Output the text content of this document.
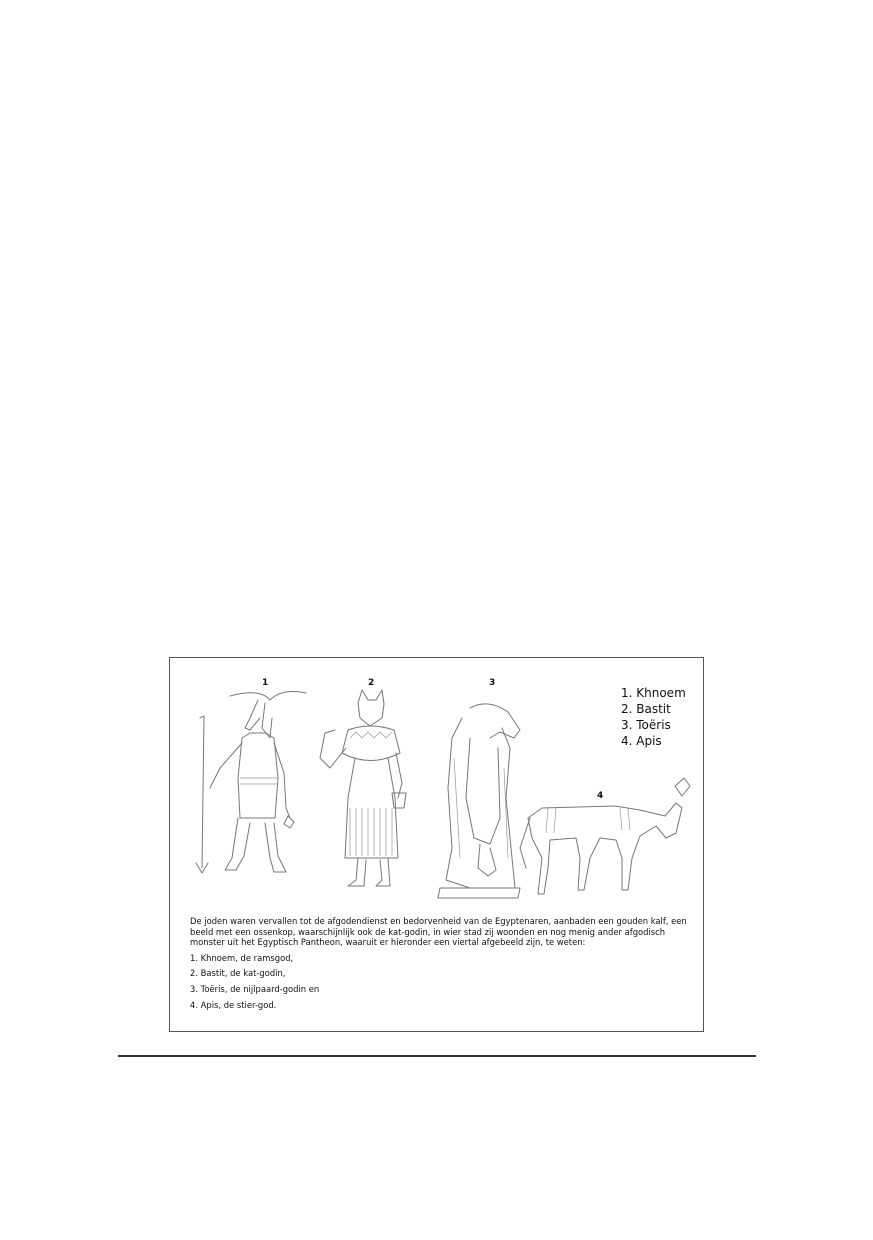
1	2	3
4
1. Khnoem
2. Bastit
3. Toëris
4. Apis

De joden waren vervallen tot de afgodendienst en bedorvenheid van de Egyptenaren, aanbaden een gouden kalf, een beeld met een ossenkop, waarschijnlijk ook de kat-godin, in wier stad zij woonden en nog menig ander afgodisch monster uit het Egyptisch Pantheon, waaruit er hieronder een viertal afgebeeld zijn, te weten:

1. Khnoem, de ramsgod,

2. Bastit, de kat-godin,

3. Toëris, de nijlpaard-godin en

4. Apis, de stier-god.
